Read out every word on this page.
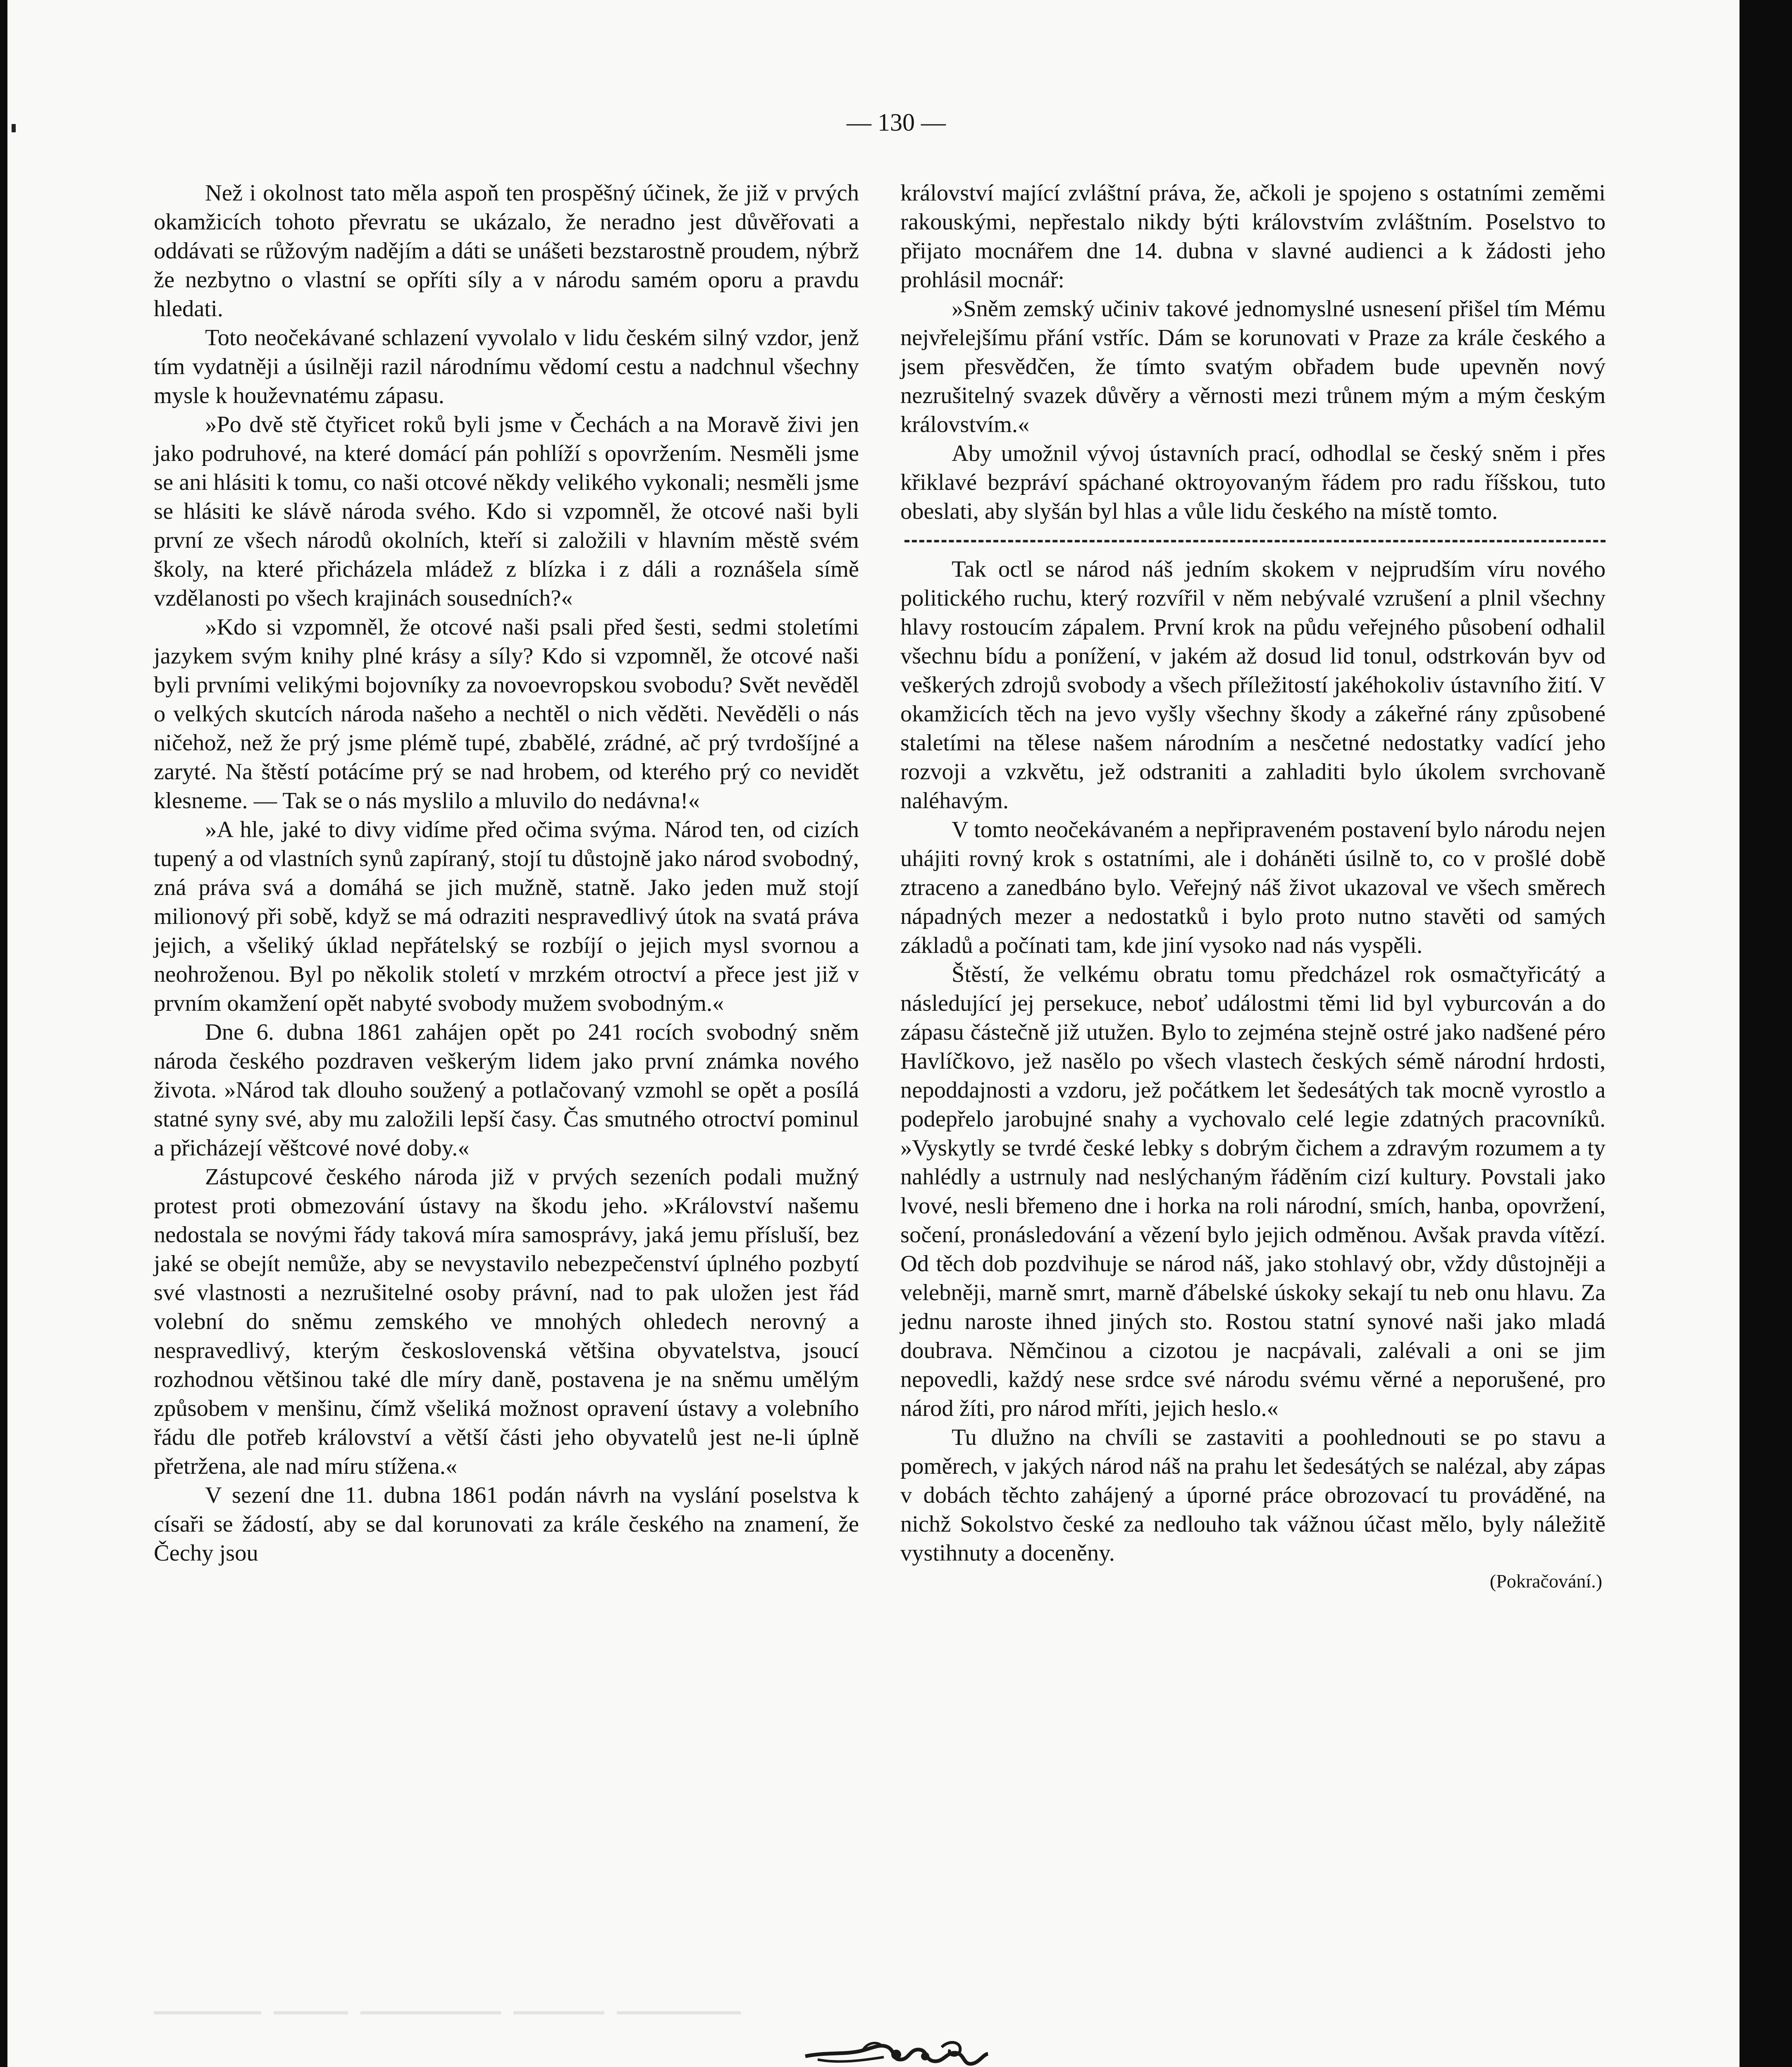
— 130 —

Než i okolnost tato měla aspoň ten prospěšný účinek, že již v prvých okamžicích tohoto převratu se ukázalo, že neradno jest důvěřovati a oddávati se růžovým nadějím a dáti se unášeti bezstarostně proudem, nýbrž že nezbytno o vlastní se opříti síly a v národu samém oporu a pravdu hledati.

Toto neočekávané schlazení vyvolalo v lidu českém silný vzdor, jenž tím vydatněji a úsilněji razil národnímu vědomí cestu a nadchnul všechny mysle k houževnatému zápasu.

»Po dvě stě čtyřicet roků byli jsme v Čechách a na Moravě živi jen jako podruhové, na které domácí pán pohlíží s opovržením. Nesměli jsme se ani hlásiti k tomu, co naši otcové někdy velikého vykonali; nesměli jsme se hlásiti ke slávě národa svého. Kdo si vzpomněl, že otcové naši byli první ze všech národů okolních, kteří si založili v hlavním městě svém školy, na které přicházela mládež z blízka i z dáli a roznášela símě vzdělanosti po všech krajinách sousedních?«

»Kdo si vzpomněl, že otcové naši psali před šesti, sedmi stoletími jazykem svým knihy plné krásy a síly? Kdo si vzpomněl, že otcové naši byli prvními velikými bojovníky za novoevropskou svobodu? Svět nevěděl o velkých skutcích národa našeho a nechtěl o nich věděti. Nevěděli o nás ničehož, než že prý jsme plémě tupé, zbabělé, zrádné, ač prý tvrdošíjné a zaryté. Na štěstí potácíme prý se nad hrobem, od kterého prý co nevidět klesneme. — Tak se o nás myslilo a mluvilo do nedávna!«

»A hle, jaké to divy vidíme před očima svýma. Národ ten, od cizích tupený a od vlastních synů zapíraný, stojí tu důstojně jako národ svobodný, zná práva svá a domáhá se jich mužně, statně. Jako jeden muž stojí milionový při sobě, když se má odraziti nespravedlivý útok na svatá práva jejich, a všeliký úklad nepřátelský se rozbíjí o jejich mysl svornou a neohroženou. Byl po několik století v mrzkém otroctví a přece jest již v prvním okamžení opět nabyté svobody mužem svobodným.«

Dne 6. dubna 1861 zahájen opět po 241 rocích svobodný sněm národa českého pozdraven veškerým lidem jako první známka nového života. »Národ tak dlouho soužený a potlačovaný vzmohl se opět a posílá statné syny své, aby mu založili lepší časy. Čas smutného otroctví pominul a přicházejí věštcové nové doby.«

Zástupcové českého národa již v prvých sezeních podali mužný protest proti obmezování ústavy na škodu jeho. »Království našemu nedostala se novými řády taková míra samosprávy, jaká jemu přísluší, bez jaké se obejít nemůže, aby se nevystavilo nebezpečenství úplného pozbytí své vlastnosti a nezrušitelné osoby právní, nad to pak uložen jest řád volební do sněmu zemského ve mnohých ohledech nerovný a nespravedlivý, kterým československá většina obyvatelstva, jsoucí rozhodnou většinou také dle míry daně, postavena je na sněmu umělým způsobem v menšinu, čímž všeliká možnost opravení ústavy a volebního řádu dle potřeb království a větší části jeho obyvatelů jest ne-li úplně přetržena, ale nad míru stížena.«

V sezení dne 11. dubna 1861 podán návrh na vyslání poselstva k císaři se žádostí, aby se dal korunovati za krále českého na znamení, že Čechy jsou

království mající zvláštní práva, že, ačkoli je spojeno s ostatními zeměmi rakouskými, nepřestalo nikdy býti královstvím zvláštním. Poselstvo to přijato mocnářem dne 14. dubna v slavné audienci a k žádosti jeho prohlásil mocnář:

»Sněm zemský učiniv takové jednomyslné usnesení přišel tím Mému nejvřelejšímu přání vstříc. Dám se korunovati v Praze za krále českého a jsem přesvědčen, že tímto svatým obřadem bude upevněn nový nezrušitelný svazek důvěry a věrnosti mezi trůnem mým a mým českým královstvím.«

Aby umožnil vývoj ústavních prací, odhodlal se český sněm i přes křiklavé bezpráví spáchané oktroyovaným řádem pro radu říšskou, tuto obeslati, aby slyšán byl hlas a vůle lidu českého na místě tomto.

Tak octl se národ náš jedním skokem v nejprudším víru nového politického ruchu, který rozvířil v něm nebývalé vzrušení a plnil všechny hlavy rostoucím zápalem. První krok na půdu veřejného působení odhalil všechnu bídu a ponížení, v jakém až dosud lid tonul, odstrkován byv od veškerých zdrojů svobody a všech příležitostí jakéhokoliv ústavního žití. V okamžicích těch na jevo vyšly všechny škody a zákeřné rány způsobené staletími na tělese našem národním a nesčetné nedostatky vadící jeho rozvoji a vzkvětu, jež odstraniti a zahladiti bylo úkolem svrchovaně naléhavým.

V tomto neočekávaném a nepřipraveném postavení bylo národu nejen uhájiti rovný krok s ostatními, ale i doháněti úsilně to, co v prošlé době ztraceno a zanedbáno bylo. Veřejný náš život ukazoval ve všech směrech nápadných mezer a nedostatků i bylo proto nutno stavěti od samých základů a počínati tam, kde jiní vysoko nad nás vyspěli.

Štěstí, že velkému obratu tomu předcházel rok osmačtyřicátý a následující jej persekuce, neboť událostmi těmi lid byl vyburcován a do zápasu částečně již utužen. Bylo to zejména stejně ostré jako nadšené péro Havlíčkovo, jež nasělo po všech vlastech českých sémě národní hrdosti, nepoddajnosti a vzdoru, jež počátkem let šedesátých tak mocně vyrostlo a podepřelo jarobujné snahy a vychovalo celé legie zdatných pracovníků. »Vyskytly se tvrdé české lebky s dobrým čichem a zdravým rozumem a ty nahlédly a ustrnuly nad neslýchaným řáděním cizí kultury. Povstali jako lvové, nesli břemeno dne i horka na roli národní, smích, hanba, opovržení, sočení, pronásledování a vězení bylo jejich odměnou. Avšak pravda vítězí. Od těch dob pozdvihuje se národ náš, jako stohlavý obr, vždy důstojněji a velebněji, marně smrt, marně ďábelské úskoky sekají tu neb onu hlavu. Za jednu naroste ihned jiných sto. Rostou statní synové naši jako mladá doubrava. Němčinou a cizotou je nacpávali, zalévali a oni se jim nepovedli, každý nese srdce své národu svému věrné a neporušené, pro národ žíti, pro národ mříti, jejich heslo.«

Tu dlužno na chvíli se zastaviti a poohlednouti se po stavu a poměrech, v jakých národ náš na prahu let šedesátých se nalézal, aby zápas v dobách těchto zahájený a úporné práce obrozovací tu prováděné, na nichž Sokolstvo české za nedlouho tak vážnou účast mělo, byly náležitě vystihnuty a doceněny.

(Pokračování.)
